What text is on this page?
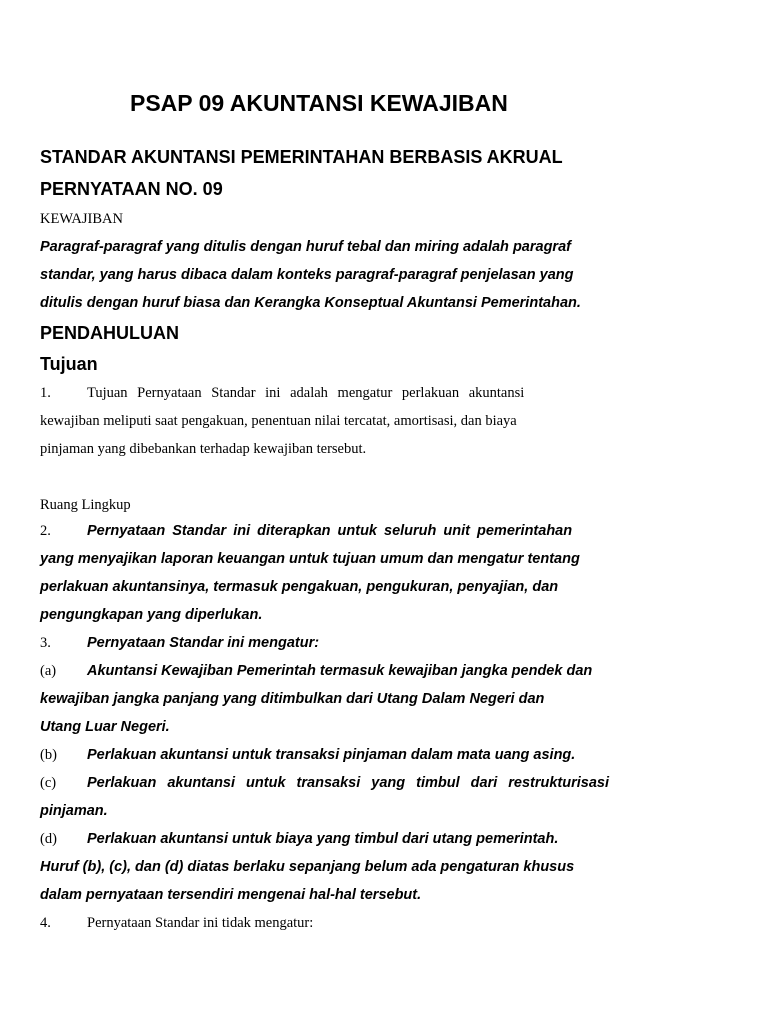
PSAP 09 AKUNTANSI KEWAJIBAN
STANDAR AKUNTANSI PEMERINTAHAN BERBASIS AKRUAL
PERNYATAAN NO. 09
KEWAJIBAN
Paragraf-paragraf yang ditulis dengan huruf tebal dan miring adalah paragraf
standar, yang harus dibaca dalam konteks paragraf-paragraf penjelasan yang
ditulis dengan huruf biasa dan Kerangka Konseptual Akuntansi Pemerintahan.
PENDAHULUAN
Tujuan
1. Tujuan Pernyataan Standar ini adalah mengatur perlakuan akuntansi
kewajiban meliputi saat pengakuan, penentuan nilai tercatat, amortisasi, dan biaya
pinjaman yang dibebankan terhadap kewajiban tersebut.
Ruang Lingkup
2. Pernyataan Standar ini diterapkan untuk seluruh unit pemerintahan
yang menyajikan laporan keuangan untuk tujuan umum dan mengatur tentang
perlakuan akuntansinya, termasuk pengakuan, pengukuran, penyajian, dan
pengungkapan yang diperlukan.
3. Pernyataan Standar ini mengatur:
(a) Akuntansi Kewajiban Pemerintah termasuk kewajiban jangka pendek dan
kewajiban jangka panjang yang ditimbulkan dari Utang Dalam Negeri dan
Utang Luar Negeri.
(b) Perlakuan akuntansi untuk transaksi pinjaman dalam mata uang asing.
(c) Perlakuan akuntansi untuk transaksi yang timbul dari restrukturisasi
pinjaman.
(d) Perlakuan akuntansi untuk biaya yang timbul dari utang pemerintah.
Huruf (b), (c), dan (d) diatas berlaku sepanjang belum ada pengaturan khusus
dalam pernyataan tersendiri mengenai hal-hal tersebut.
4. Pernyataan Standar ini tidak mengatur:
